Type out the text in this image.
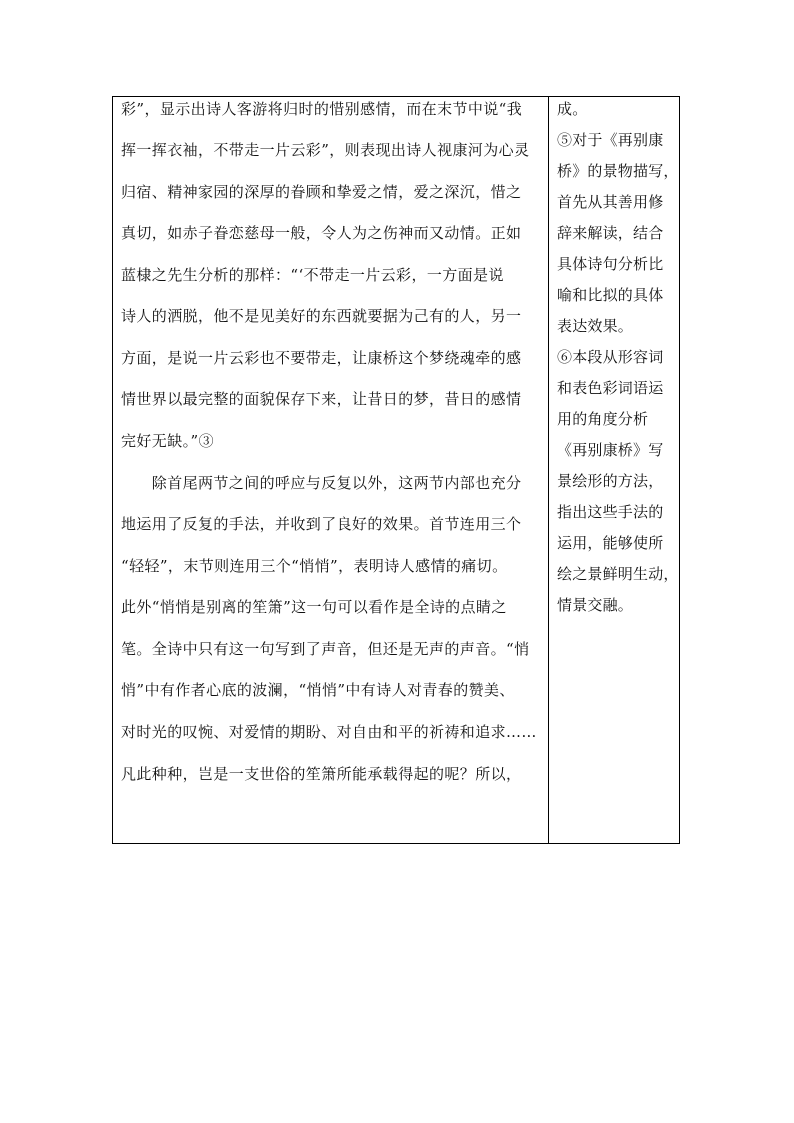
彩”，显示出诗人客游将归时的惜别感情，而在末节中说“我
挥一挥衣袖，不带走一片云彩”，则表现出诗人视康河为心灵
归宿、精神家园的深厚的眷顾和挚爱之情，爱之深沉，惜之
真切，如赤子眷恋慈母一般，令人为之伤神而又动情。正如
蓝棣之先生分析的那样：“‘不带走一片云彩，一方面是说
诗人的洒脱，他不是见美好的东西就要据为己有的人，另一
方面，是说一片云彩也不要带走，让康桥这个梦绕魂牵的感
情世界以最完整的面貌保存下来，让昔日的梦，昔日的感情
完好无缺。”③
　　除首尾两节之间的呼应与反复以外，这两节内部也充分
地运用了反复的手法，并收到了良好的效果。首节连用三个
“轻轻”，末节则连用三个“悄悄”，表明诗人感情的痛切。
此外“悄悄是别离的笙箫”这一句可以看作是全诗的点睛之
笔。全诗中只有这一句写到了声音，但还是无声的声音。“悄
悄”中有作者心底的波澜，“悄悄”中有诗人对青春的赞美、
对时光的叹惋、对爱情的期盼、对自由和平的祈祷和追求……
凡此种种，岂是一支世俗的笙箫所能承载得起的呢？所以，
成。
⑤对于《再别康
桥》的景物描写，
首先从其善用修
辞来解读，结合
具体诗句分析比
喻和比拟的具体
表达效果。
⑥本段从形容词
和表色彩词语运
用的角度分析
《再别康桥》写
景绘形的方法，
指出这些手法的
运用，能够使所
绘之景鲜明生动，
情景交融。
